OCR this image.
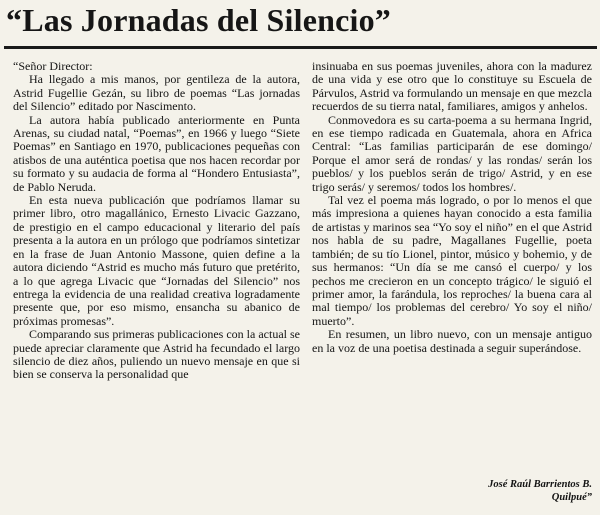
“Las Jornadas del Silencio”

“Señor Director:

Ha llegado a mis manos, por gentileza de la autora, Astrid Fugellie Gezán, su libro de poemas “Las jornadas del Silencio” editado por Nascimento.

La autora había publicado anteriormente en Punta Arenas, su ciudad natal, “Poemas”, en 1966 y luego “Siete Poemas” en Santiago en 1970, publicaciones pequeñas con atisbos de una auténtica poetisa que nos hacen recordar por su formato y su audacia de forma al “Hondero Entusiasta”, de Pablo Neruda.

En esta nueva publicación que podríamos llamar su primer libro, otro magallánico, Ernesto Livacic Gazzano, de prestigio en el campo educacional y literario del país presenta a la autora en un prólogo que podríamos sintetizar en la frase de Juan Antonio Massone, quien define a la autora diciendo “Astrid es mucho más futuro que pretérito, a lo que agrega Livacic que “Jornadas del Silencio” nos entrega la evidencia de una realidad creativa logradamente presente que, por eso mismo, ensancha su abanico de próximas promesas”.

Comparando sus primeras publicaciones con la actual se puede apreciar claramente que Astrid ha fecundado el largo silencio de diez años, puliendo un nuevo mensaje en que si bien se conserva la personalidad que

insinuaba en sus poemas juveniles, ahora con la madurez de una vida y ese otro que lo constituye su Escuela de Párvulos, Astrid va formulando un mensaje en que mezcla recuerdos de su tierra natal, familiares, amigos y anhelos.

Conmovedora es su carta-poema a su hermana Ingrid, en ese tiempo radicada en Guatemala, ahora en Africa Central: “Las familias participarán de ese domingo/ Porque el amor será de rondas/ y las rondas/ serán los pueblos/ y los pueblos serán de trigo/ Astrid, y en ese trigo serás/ y seremos/ todos los hombres/.

Tal vez el poema más logrado, o por lo menos el que más impresiona a quienes hayan conocido a esta familia de artistas y marinos sea “Yo soy el niño” en el que Astrid nos habla de su padre, Magallanes Fugellie, poeta también; de su tío Lionel, pintor, músico y bohemio, y de sus hermanos: “Un día se me cansó el cuerpo/ y los pechos me crecieron en un concepto trágico/ le siguió el primer amor, la farándula, los reproches/ la buena cara al mal tiempo/ los problemas del cerebro/ Yo soy el niño/ muerto”.

En resumen, un libro nuevo, con un mensaje antiguo en la voz de una poetisa destinada a seguir superándose.

José Raúl Barrientos B.
Quilpué”
